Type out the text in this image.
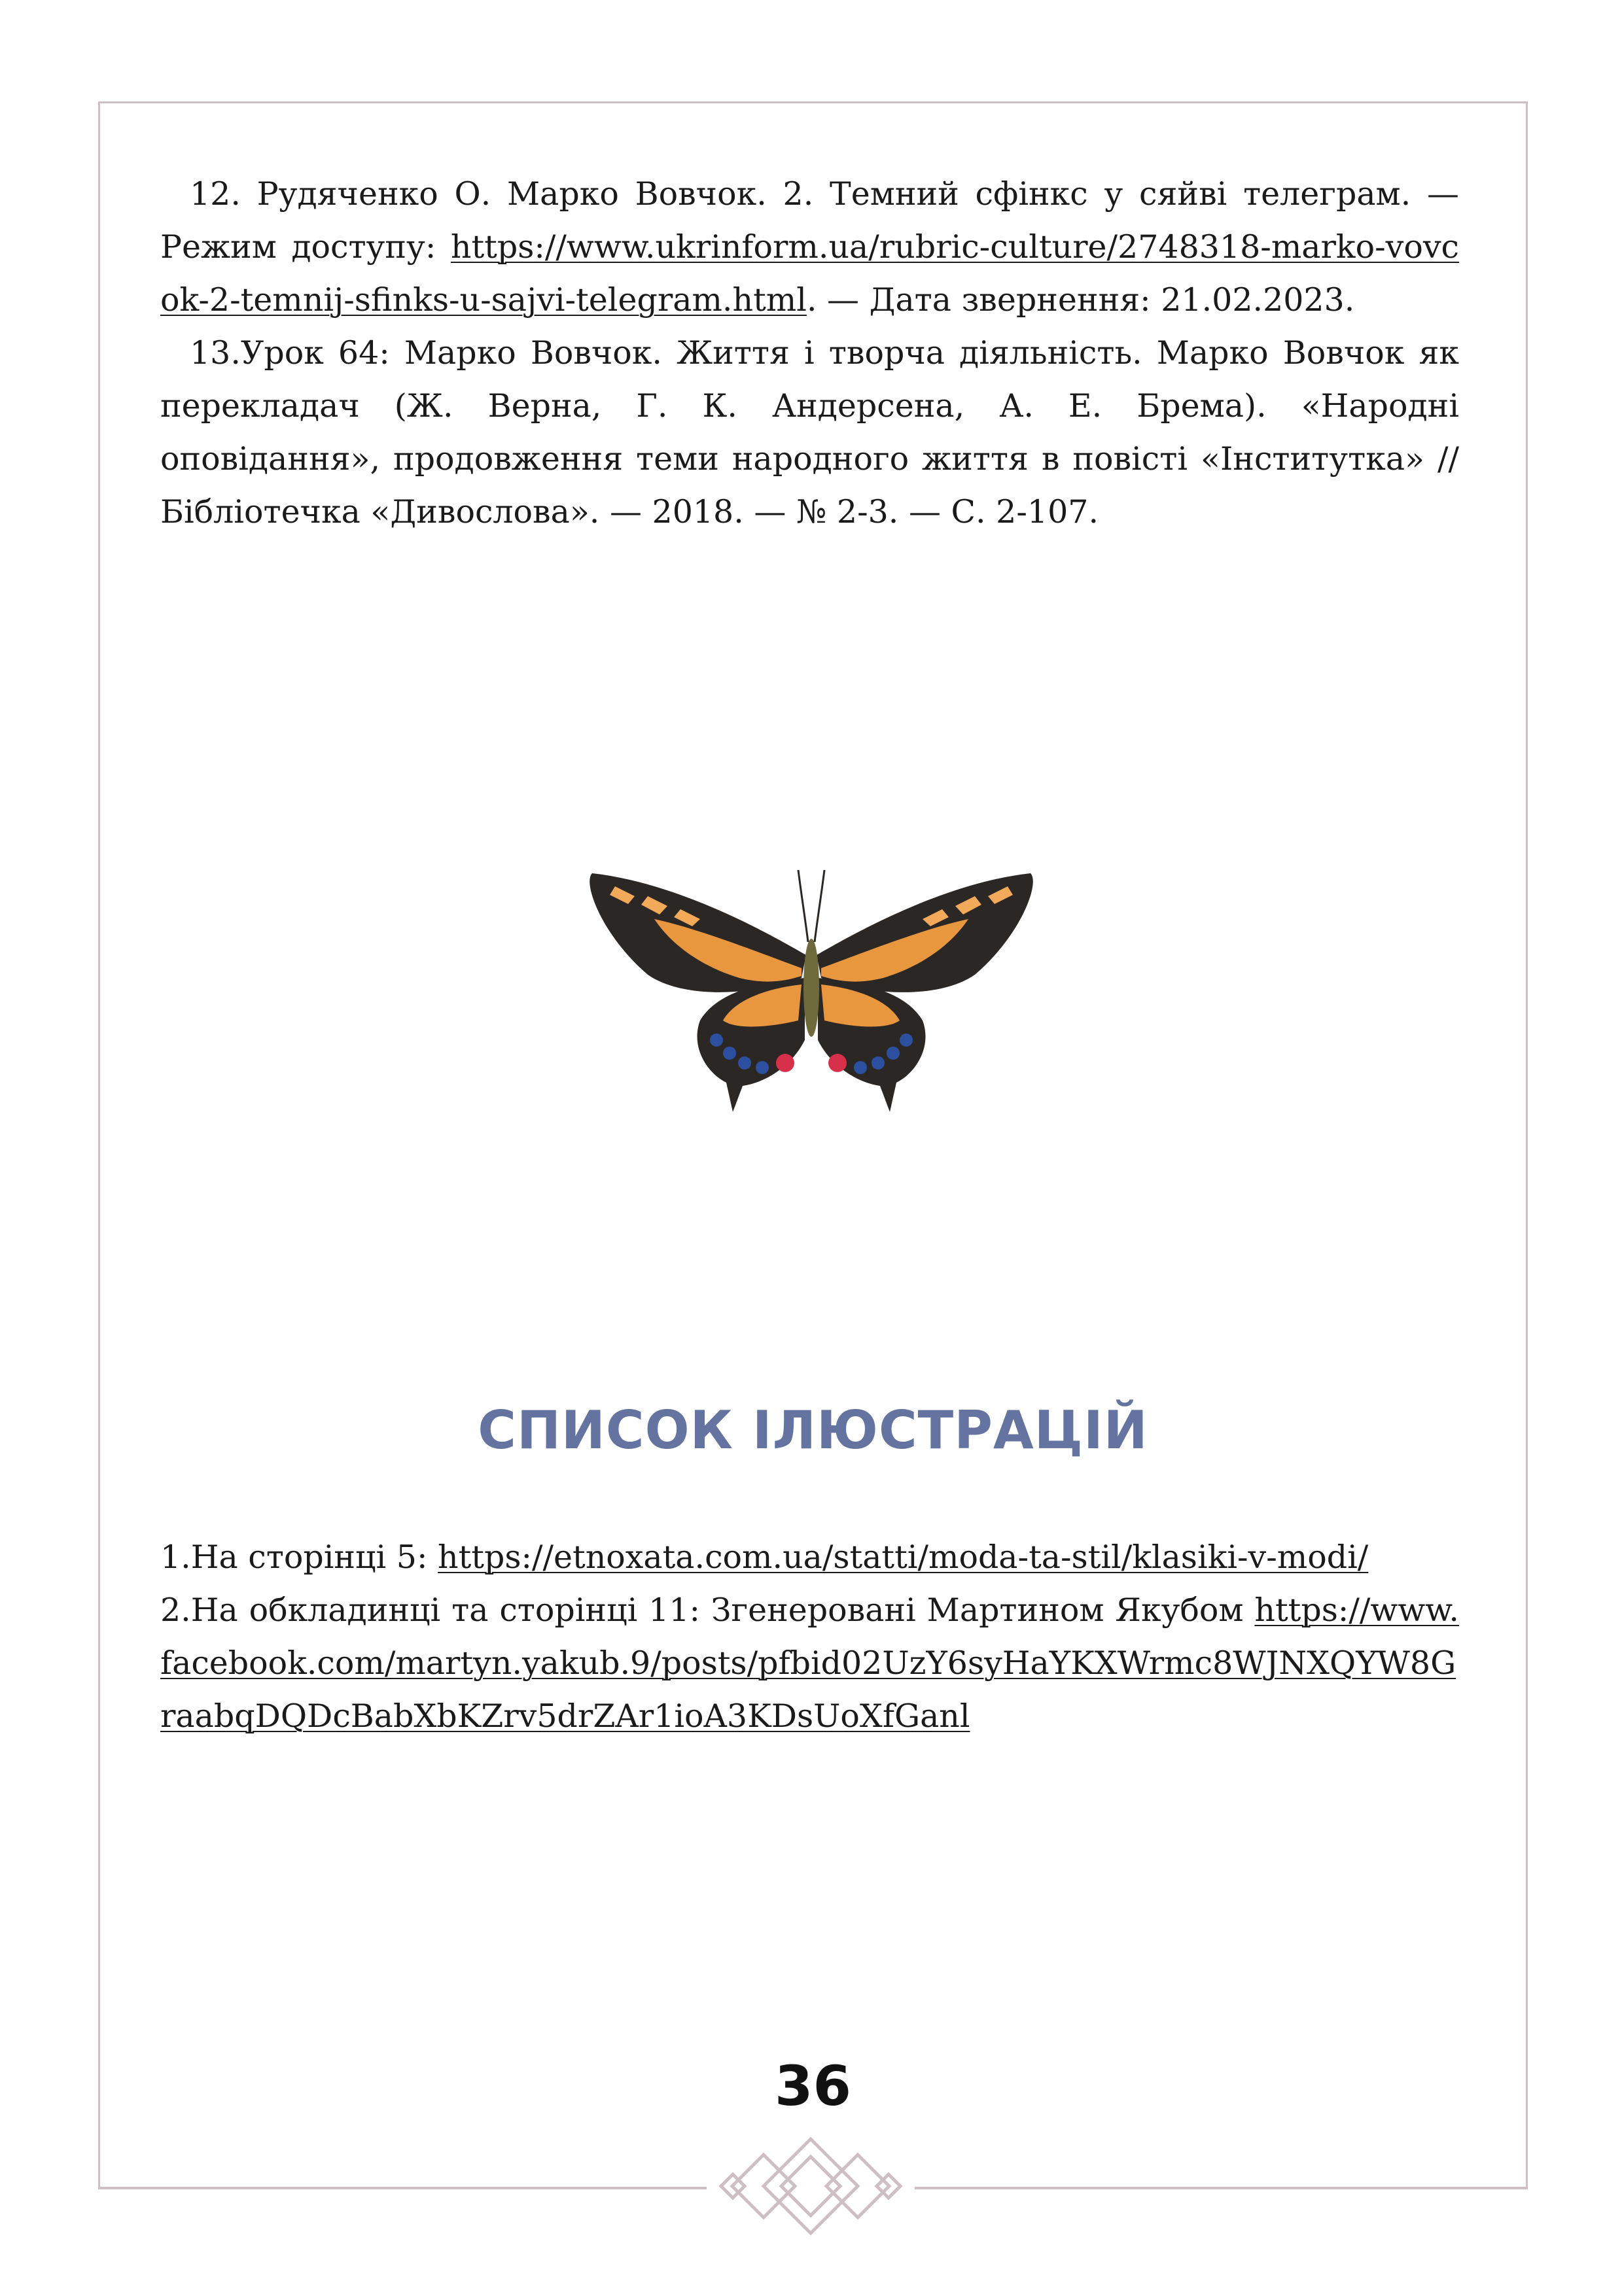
12. Рудяченко О. Марко Вовчок. 2. Темний сфінкс у сяйві телеграм. — Режим доступу: https://www.ukrinform.ua/rubric-culture/2748318-marko-vovcok-2-temnij-sfinks-u-sajvi-telegram.html. — Дата звернення: 21.02.2023.

13.Урок 64: Марко Вовчок. Життя і творча діяльність. Марко Вовчок як перекладач (Ж. Верна, Г. К. Андерсена, А. Е. Брема). «Народні оповідання», продовження теми народного життя в повісті «Інститутка» // Бібліотечка «Дивослова». — 2018. — № 2-3. — С. 2-107.

СПИСОК ІЛЮСТРАЦІЙ

1.На сторінці 5: https://etnoxata.com.ua/statti/moda-ta-stil/klasiki-v-modi/

2.На обкладинці та сторінці 11: Згенеровані Мартином Якубом https://www.facebook.com/martyn.yakub.9/posts/pfbid02UzY6syHaYKXWrmc8WJNXQYW8GraabqDQDcBabXbKZrv5drZAr1ioA3KDsUoXfGanl

36
